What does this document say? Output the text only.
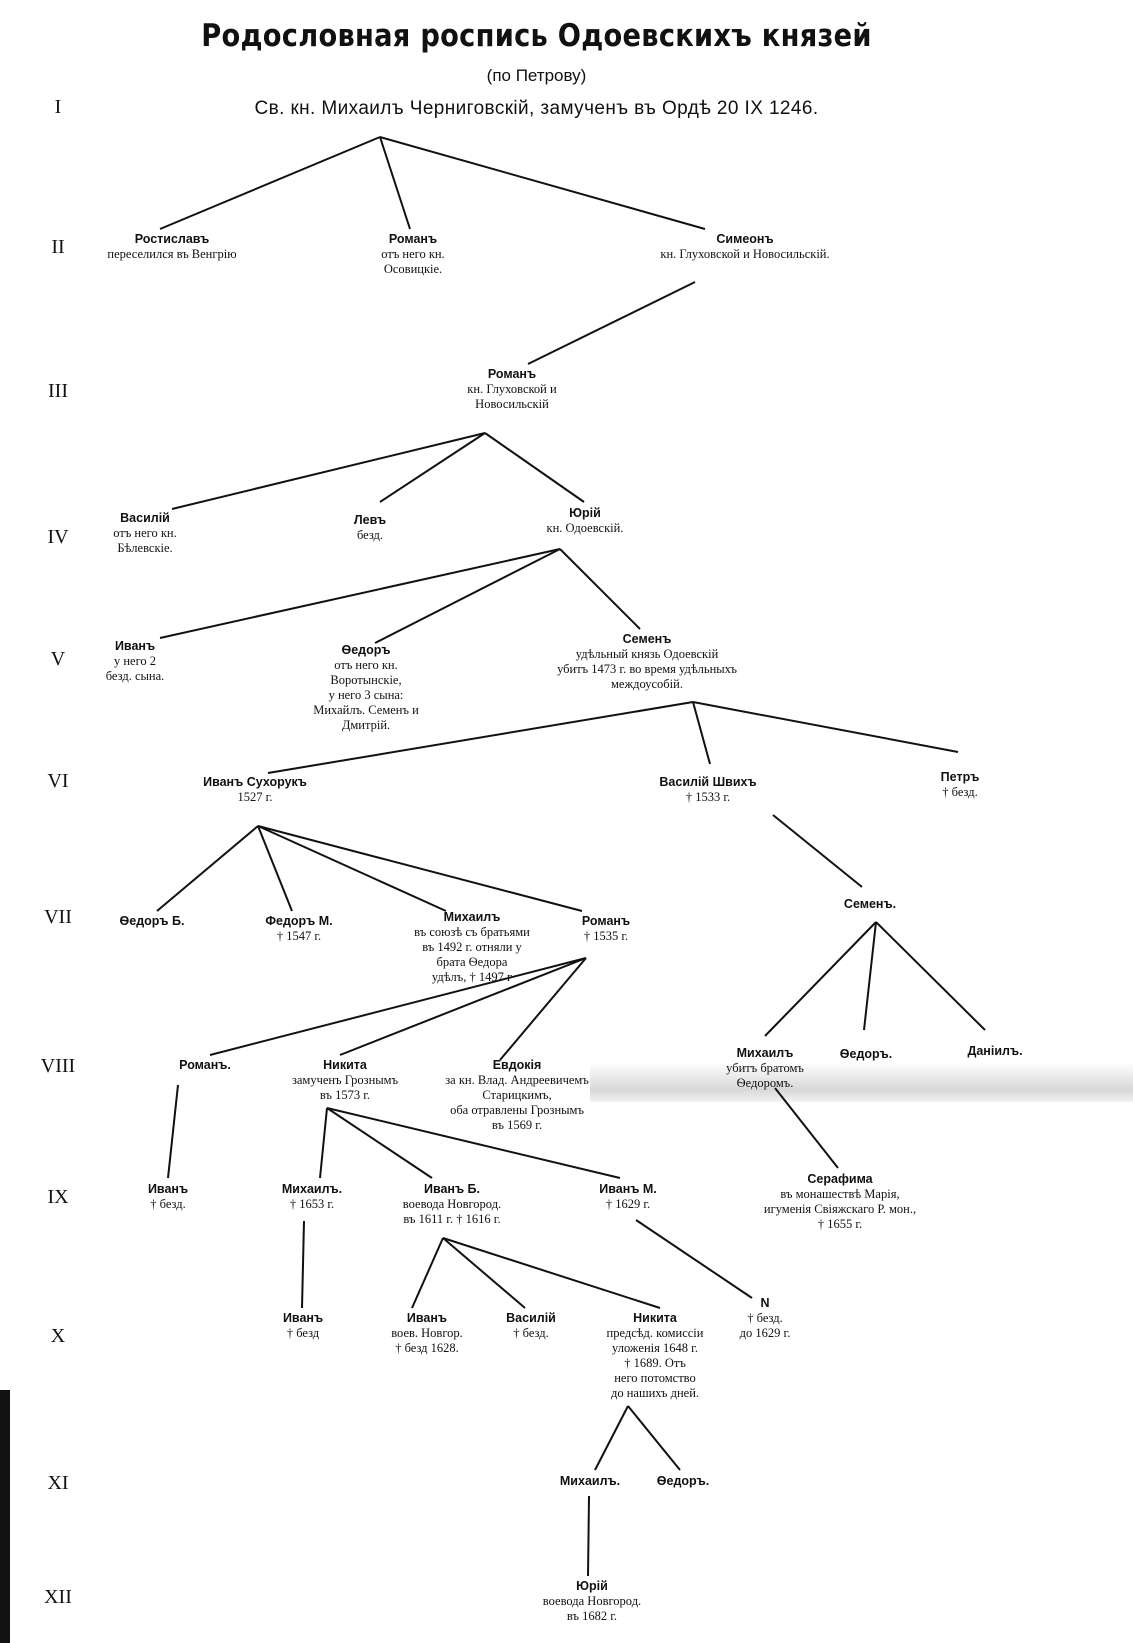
Родословная роспись Одоевскихъ князей
(по Петрову)
Св. кн. Михаилъ Черниговскій, замученъ въ Ордѣ 20 IX 1246.
I
II
III
IV
V
VI
VII
VIII
IX
X
XI
XII
Ростиславъ
переселился въ Венгрію
Романъ
отъ него кн.
Осовицкіе.
Симеонъ
кн. Глуховской и Новосильскій.
Романъ
кн. Глуховской и
Новосильскій
Василій
отъ него кн.
Бѣлевскіе.
Левъ
безд.
Юрій
кн. Одоевскій.
Иванъ
у него 2
безд. сына.
Ѳедоръ
отъ него кн.
Воротынскіе,
у него 3 сына:
Михайлъ. Семенъ и
Дмитрій.
Семенъ
удѣльный князь Одоевскій
убитъ 1473 г. во время удѣльныхъ
междоусобій.
Иванъ Сухорукъ
1527 г.
Василій Швихъ
† 1533 г.
Петръ
† безд.
Ѳедоръ Б.	Федоръ М.
† 1547 г.
Михаилъ
въ союзѣ съ братьями
въ 1492 г. отняли у
брата Ѳедора
удѣлъ, † 1497 г
Романъ
† 1535 г.
Семенъ.
Романъ.	Никита
замученъ Грознымъ
въ 1573 г.
Евдокія
за кн. Влад. Андреевичемъ
Старицкимъ,
оба отравлены Грознымъ
въ 1569 г.
Михаилъ
убитъ братомъ
Ѳедоромъ.
Ѳедоръ.	Даніилъ.
Иванъ
† безд.
Михаилъ.
† 1653 г.
Иванъ Б.
воевода Новгород.
въ 1611 г. † 1616 г.
Иванъ М.
† 1629 г.
Серафима
въ монашествѣ Марія,
игуменія Свіяжскаго Р. мон.,
† 1655 г.
Иванъ
† безд
Иванъ
воев. Новгор.
† безд 1628.
Василій
† безд.
Никита
предсѣд. комиссіи
уложенія 1648 г.
† 1689. Отъ
него потомство
до нашихъ дней.
N
† безд.
до 1629 г.
Михаилъ.	Ѳедоръ.
Юрій
воевода Новгород.
въ 1682 г.
